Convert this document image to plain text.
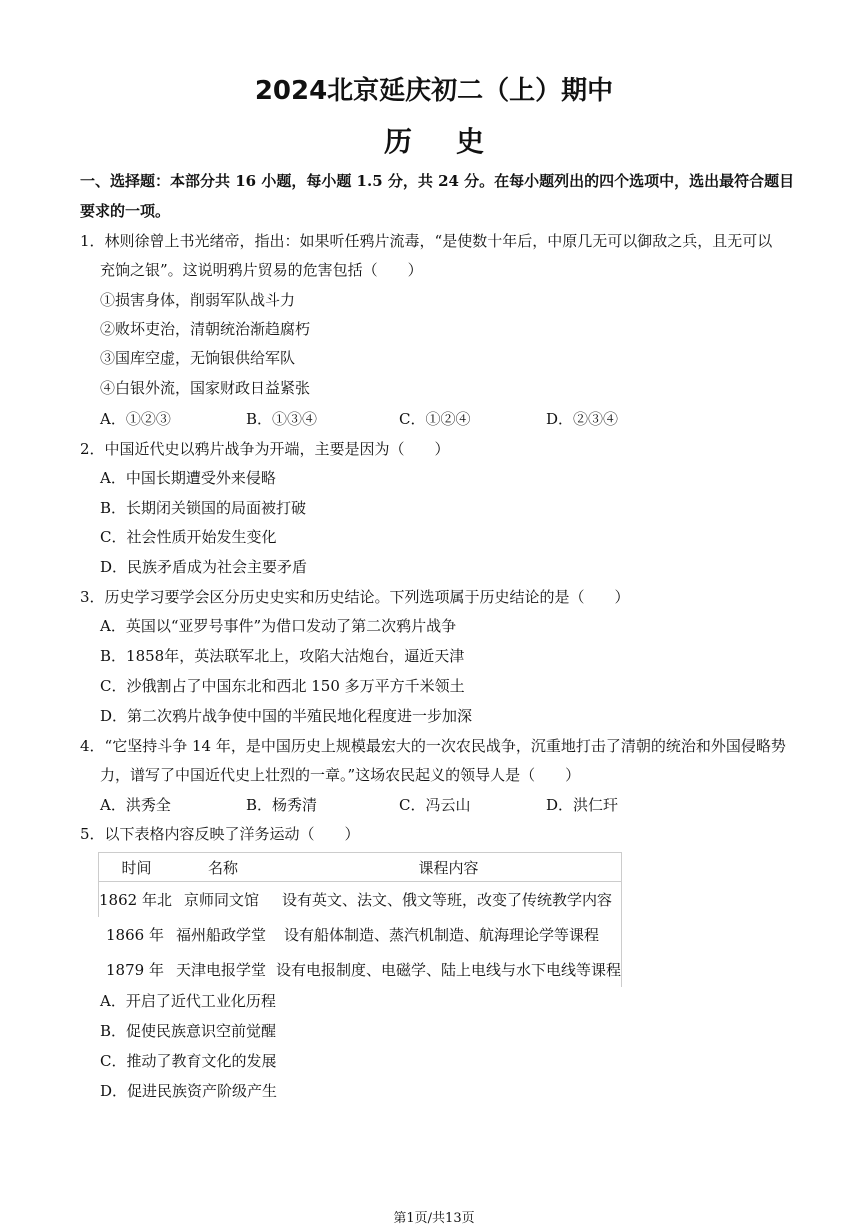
2024北京延庆初二（上）期中
历史
一、选择题：本部分共 16 小题，每小题 1.5 分，共 24 分。在每小题列出的四个选项中，选出最符合题目
要求的一项。
1．林则徐曾上书光绪帝，指出：如果听任鸦片流毒，“是使数十年后，中原几无可以御敌之兵，且无可以
充饷之银”。这说明鸦片贸易的危害包括（　　）
①损害身体，削弱军队战斗力
②败坏吏治，清朝统治渐趋腐朽
③国库空虚，无饷银供给军队
④白银外流，国家财政日益紧张
A．①②③	B．①③④	C．①②④	D．②③④
2．中国近代史以鸦片战争为开端，主要是因为（　　）
A．中国长期遭受外来侵略
B．长期闭关锁国的局面被打破
C．社会性质开始发生变化
D．民族矛盾成为社会主要矛盾
3．历史学习要学会区分历史史实和历史结论。下列选项属于历史结论的是（　　）
A．英国以“亚罗号事件”为借口发动了第二次鸦片战争
B．1858年，英法联军北上，攻陷大沽炮台，逼近天津
C．沙俄割占了中国东北和西北 150 多万平方千米领土
D．第二次鸦片战争使中国的半殖民地化程度进一步加深
4．“它坚持斗争 14 年，是中国历史上规模最宏大的一次农民战争，沉重地打击了清朝的统治和外国侵略势
力，谱写了中国近代史上壮烈的一章。”这场农民起义的领导人是（　　）
A．洪秀全	B．杨秀清	C．冯云山	D．洪仁玕
5．以下表格内容反映了洋务运动（　　）
时间	名称	课程内容
1862 年北	京师同文馆	设有英文、法文、俄文等班，改变了传统教学内容
1866 年	福州船政学堂	设有船体制造、蒸汽机制造、航海理论学等课程
1879 年	天津电报学堂	设有电报制度、电磁学、陆上电线与水下电线等课程
A．开启了近代工业化历程
B．促使民族意识空前觉醒
C．推动了教育文化的发展
D．促进民族资产阶级产生
第1页/共13页
